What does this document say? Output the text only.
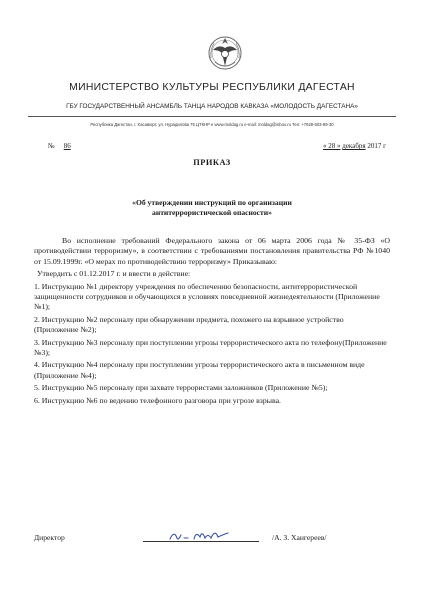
МИНИСТЕРСТВО КУЛЬТУРЫ РЕСПУБЛИКИ ДАГЕСТАН
ГБУ ГОСУДАРСТВЕННЫЙ АНСАМБЛЬ ТАНЦА НАРОДОВ КАВКАЗА «МОЛОДОСТЬ ДАГЕСТАНА»
Республика Дагестан, г. Хасавюрт, ул. Нурадилова 75 ЦТКНР e www.moldag.ru e-mail: moldag@inbox.ru Тел: +7928-503-89-30
№ 86	« 28 » декабря 2017 г
ПРИКАЗ
«Об утверждении инструкций по организации
антитеррористической опасности»

Во исполнение требований Федерального закона от 06 марта 2006 года № 35-ФЗ «О противодействии терроризму», в соответствии с требованиями постановления правительства РФ №1040 от 15.09.1999г. «О мерах по противодействию терроризму» Приказываю:

Утвердить с 01.12.2017 г. и ввести в действие:

1. Инструкцию №1 директору учреждения по обеспечению безопасности, антитеррористической защищенности сотрудников и обучающихся в условиях повседневной жизнедеятельности (Приложение №1);

2. Инструкцию №2 персоналу при обнаружении предмета, похожего на взрывное устройство (Приложение №2);

3. Инструкцию №3 персоналу при поступлении угрозы террористического акта по телефону(Приложение №3);

4. Инструкцию №4 персоналу при поступлении угрозы террористического акта в письменном виде (Приложение №4);

5. Инструкцию №5 персоналу при захвате террористами заложников (Приложение №5);

6. Инструкцию №6 по ведению телефонного разговора при угрозе взрыва.

Директор	/А. З. Хангереев/
